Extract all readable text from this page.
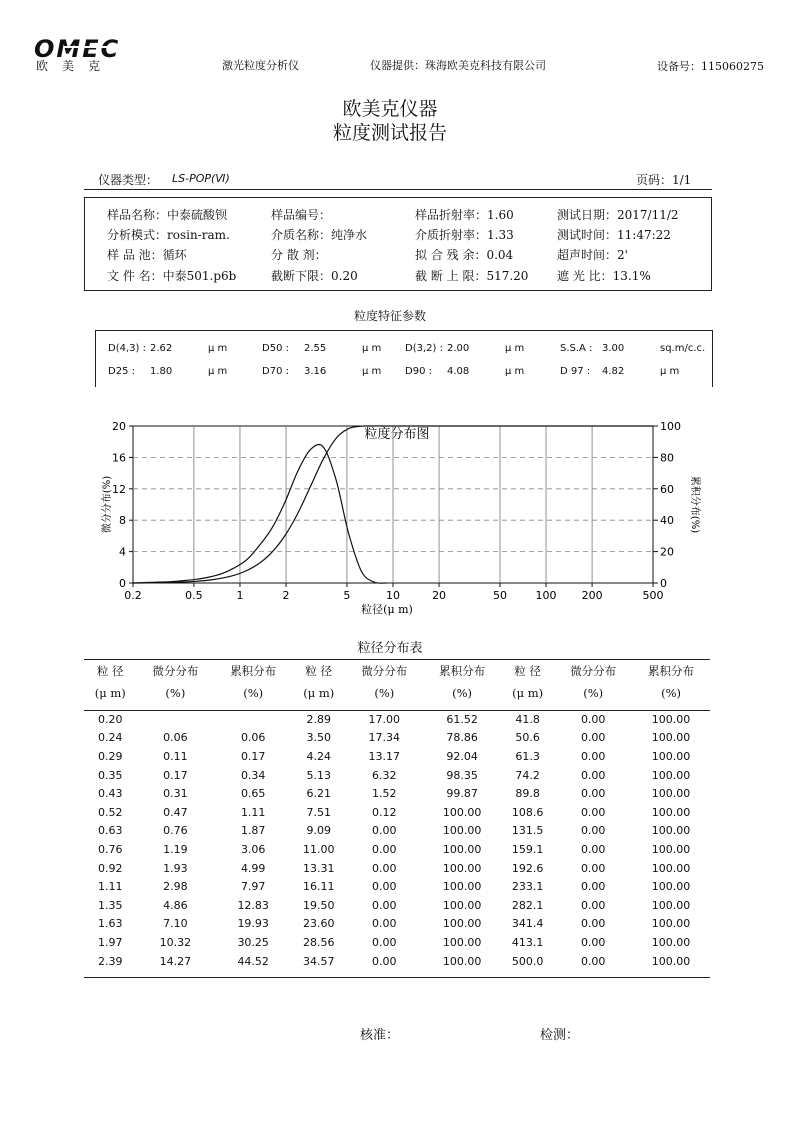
OMEC
欧美克	激光粒度分析仪	仪器提供：珠海欧美克科技有限公司	设备号：115060275
欧美克仪器
粒度测试报告
仪器类型： LS-POP(Ⅵ)	页码：1/1
样品名称：中泰硫酸钡	样品编号：	样品折射率：1.60	测试日期：2017/11/2
分析模式：rosin-ram.	介质名称：纯净水	介质折射率：1.33	测试时间：11:47:22
样 品 池：循环	分 散 剂：	拟 合 残 余：0.04	超声时间：2'
文 件 名：中泰501.p6b	截断下限：0.20	截 断 上 限：517.20 遮 光 比：13.1%
粒度特征参数
D(4,3) : 2.62	μ m	D50 : 2.55	μ m D(3,2) : 2.00	μ m	S.S.A : 3.00	sq.m/c.c.
D25 : 1.80	μ m	D70 : 3.16	μ m D90 : 4.08	μ m	D 97 : 4.82	μ m
粒度分布图
0.2	0.5	1	2	5	10	20	50	100 200	500
0
4
8
12
16
20
0
20
40
60
80
100
粒径(μ m)
微分分布(%)	累积分布(%)
粒径分布表
粒 径	微分分布	累积分布	粒 径	微分分布	累积分布	粒 径	微分分布	累积分布
(μ m)	(%)	(%)	(μ m)	(%)	(%)	(μ m)	(%)	(%)

0.20			2.89	17.00	61.52	41.8	0.00	100.00
0.24	0.06	0.06	3.50	17.34	78.86	50.6	0.00	100.00
0.29	0.11	0.17	4.24	13.17	92.04	61.3	0.00	100.00
0.35	0.17	0.34	5.13	6.32	98.35	74.2	0.00	100.00
0.43	0.31	0.65	6.21	1.52	99.87	89.8	0.00	100.00
0.52	0.47	1.11	7.51	0.12	100.00	108.6	0.00	100.00
0.63	0.76	1.87	9.09	0.00	100.00	131.5	0.00	100.00
0.76	1.19	3.06	11.00	0.00	100.00	159.1	0.00	100.00
0.92	1.93	4.99	13.31	0.00	100.00	192.6	0.00	100.00
1.11	2.98	7.97	16.11	0.00	100.00	233.1	0.00	100.00
1.35	4.86	12.83	19.50	0.00	100.00	282.1	0.00	100.00
1.63	7.10	19.93	23.60	0.00	100.00	341.4	0.00	100.00
1.97	10.32	30.25	28.56	0.00	100.00	413.1	0.00	100.00
2.39	14.27	44.52	34.57	0.00	100.00	500.0	0.00	100.00
核准：	检测：
